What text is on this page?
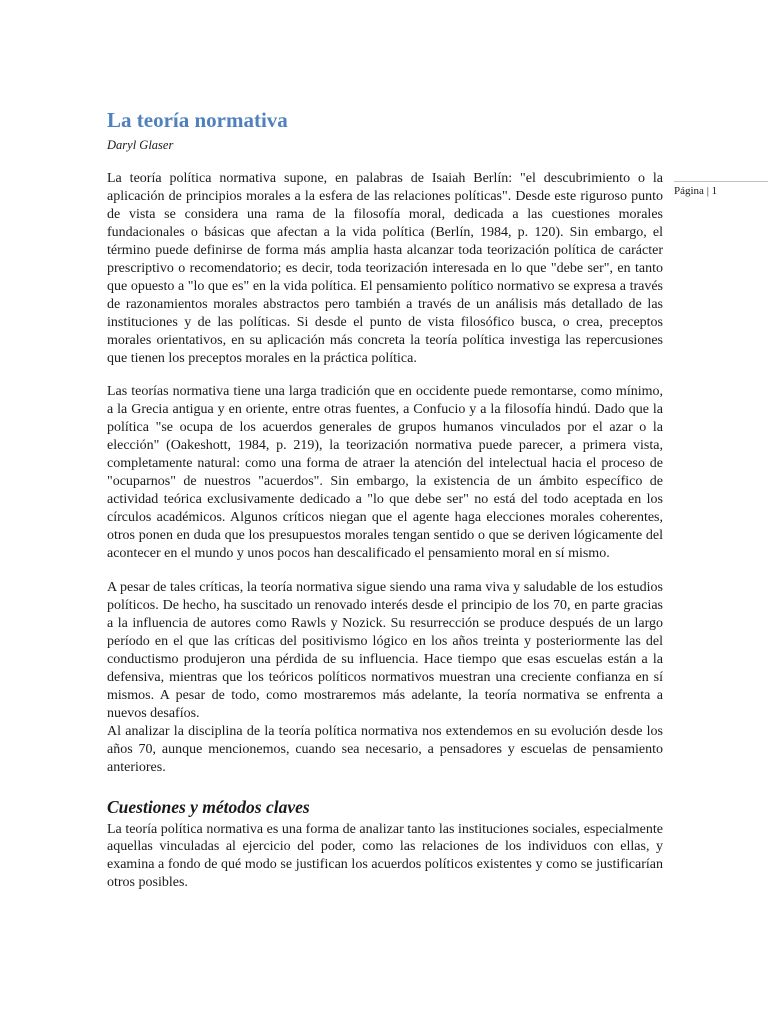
Página | 1
La teoría normativa

Daryl Glaser

La teoría política normativa supone, en palabras de Isaiah Berlín: "el descubrimiento o la aplicación de principios morales a la esfera de las relaciones políticas". Desde este riguroso punto de vista se considera una rama de la filosofía moral, dedicada a las cuestiones morales fundacionales o básicas que afectan a la vida política (Berlín, 1984, p. 120). Sin embargo, el término puede definirse de forma más amplia hasta alcanzar toda teorización política de carácter prescriptivo o recomendatorio; es decir, toda teorización interesada en lo que "debe ser", en tanto que opuesto a "lo que es" en la vida política. El pensamiento político normativo se expresa a través de razonamientos morales abstractos pero también a través de un análisis más detallado de las instituciones y de las políticas. Si desde el punto de vista filosófico busca, o crea, preceptos morales orientativos, en su aplicación más concreta la teoría política investiga las repercusiones que tienen los preceptos morales en la práctica política.

Las teorías normativa tiene una larga tradición que en occidente puede remontarse, como mínimo, a la Grecia antigua y en oriente, entre otras fuentes, a Confucio y a la filosofía hindú. Dado que la política "se ocupa de los acuerdos generales de grupos humanos vinculados por el azar o la elección" (Oakeshott, 1984, p. 219), la teorización normativa puede parecer, a primera vista, completamente natural: como una forma de atraer la atención del intelectual hacia el proceso de "ocuparnos" de nuestros "acuerdos". Sin embargo, la existencia de un ámbito específico de actividad teórica exclusivamente dedicado a "lo que debe ser" no está del todo aceptada en los círculos académicos. Algunos críticos niegan que el agente haga elecciones morales coherentes, otros ponen en duda que los presupuestos morales tengan sentido o que se deriven lógicamente del acontecer en el mundo y unos pocos han descalificado el pensamiento moral en sí mismo.

A pesar de tales críticas, la teoría normativa sigue siendo una rama viva y saludable de los estudios políticos. De hecho, ha suscitado un renovado interés desde el principio de los 70, en parte gracias a la influencia de autores como Rawls y Nozick. Su resurrección se produce después de un largo período en el que las críticas del positivismo lógico en los años treinta y posteriormente las del conductismo produjeron una pérdida de su influencia. Hace tiempo que esas escuelas están a la defensiva, mientras que los teóricos políticos normativos muestran una creciente confianza en sí mismos. A pesar de todo, como mostraremos más adelante, la teoría normativa se enfrenta a nuevos desafíos.

Al analizar la disciplina de la teoría política normativa nos extendemos en su evolución desde los años 70, aunque mencionemos, cuando sea necesario, a pensadores y escuelas de pensamiento anteriores.

Cuestiones y métodos claves

La teoría política normativa es una forma de analizar tanto las instituciones sociales, especialmente aquellas vinculadas al ejercicio del poder, como las relaciones de los individuos con ellas, y examina a fondo de qué modo se justifican los acuerdos políticos existentes y como se justificarían otros posibles.
